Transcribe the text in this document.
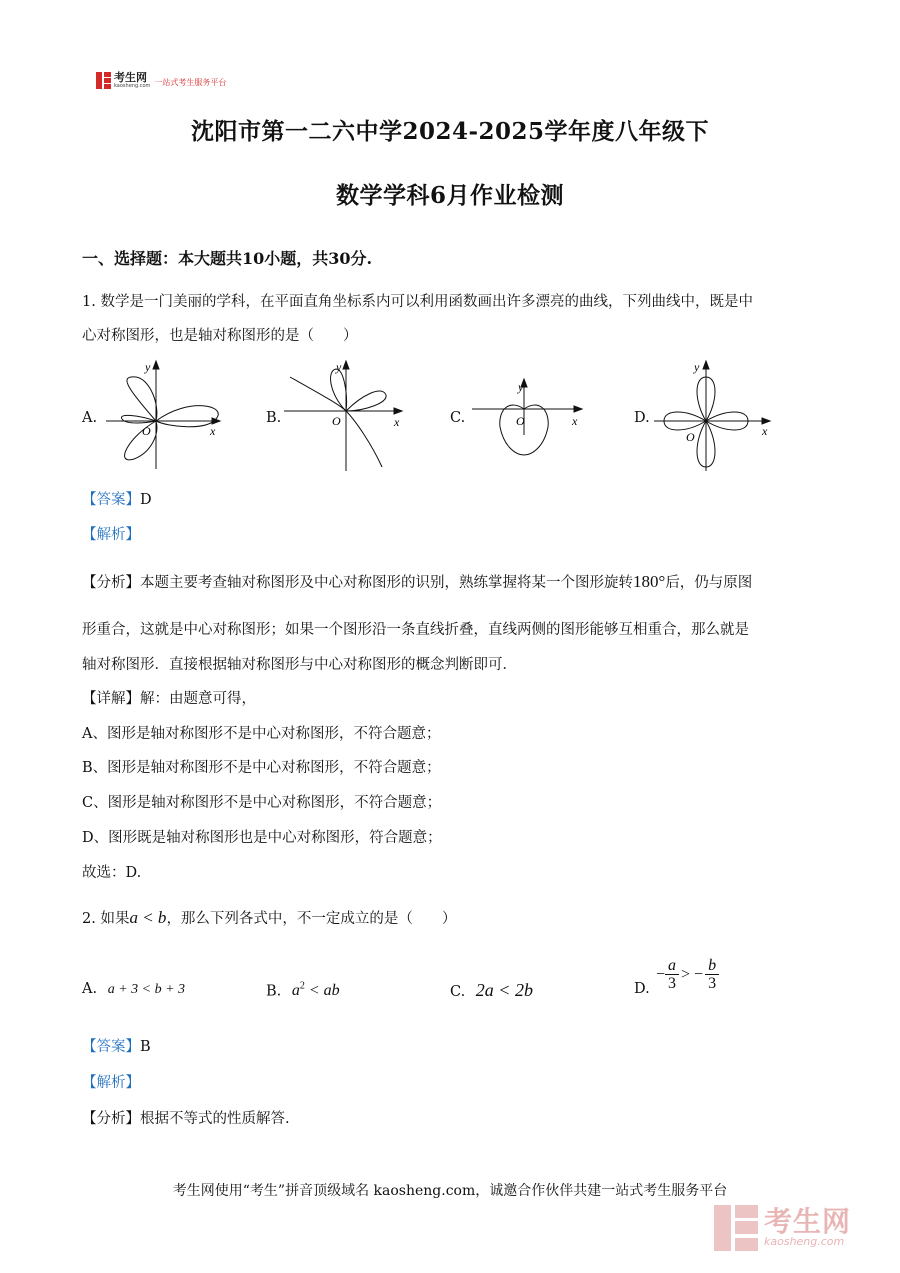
考生网
kaosheng.com 一站式考生服务平台
沈阳市第一二六中学2024-2025学年度八年级下
数学学科6月作业检测
一、选择题：本大题共10小题，共30分.
1. 数学是一门美丽的学科，在平面直角坐标系内可以利用函数画出许多漂亮的曲线，下列曲线中，既是中
心对称图形，也是轴对称图形的是（　　）
A.
y
x
O
B.
y
x
O	C.
y
x
O	D.
y
x
O
【答案】D
【解析】
【分析】本题主要考查轴对称图形及中心对称图形的识别，熟练掌握将某一个图形旋转180°后，仍与原图
形重合，这就是中心对称图形；如果一个图形沿一条直线折叠，直线两侧的图形能够互相重合，那么就是
轴对称图形．直接根据轴对称图形与中心对称图形的概念判断即可．
【详解】解：由题意可得，
A、图形是轴对称图形不是中心对称图形，不符合题意；
B、图形是轴对称图形不是中心对称图形，不符合题意；
C、图形是轴对称图形不是中心对称图形，不符合题意；
D、图形既是轴对称图形也是中心对称图形，符合题意；
故选：D.
2. 如果a < b，那么下列各式中，不一定成立的是（　　）
A. a + 3 < b + 3	B. $a^2$ < ab	C. 2a < 2b	D.
− $\frac{a}{3}$ > − $\frac{b}{3}$
【答案】B
【解析】
【分析】根据不等式的性质解答.
考生网使用“考生”拼音顶级域名 kaosheng.com，诚邀合作伙伴共建一站式考生服务平台
考生网
kaosheng.com
